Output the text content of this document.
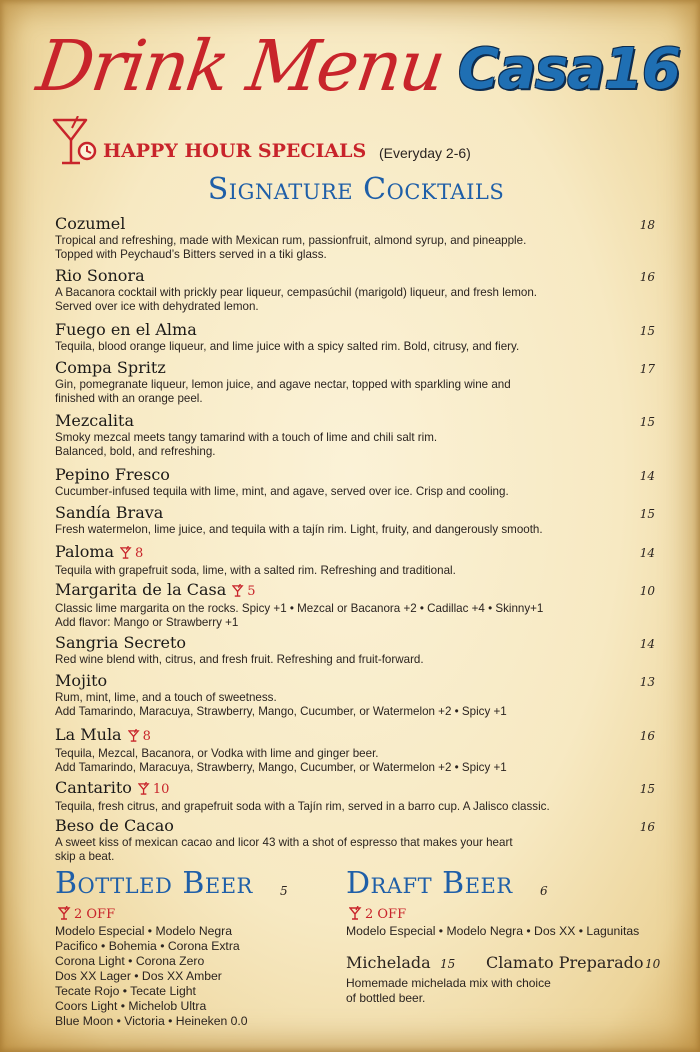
Drink Menu Casa16
HAPPY HOUR SPECIALS (Everyday 2-6)
Signature Cocktails
Cozumel	18
Tropical and refreshing, made with Mexican rum, passionfruit, almond syrup, and pineapple.
Topped with Peychaud’s Bitters served in a tiki glass.
Rio Sonora	16
A Bacanora cocktail with prickly pear liqueur, cempasúchil (marigold) liqueur, and fresh lemon.
Served over ice with dehydrated lemon.
Fuego en el Alma	15
Tequila, blood orange liqueur, and lime juice with a spicy salted rim. Bold, citrusy, and fiery.
Compa Spritz	17
Gin, pomegranate liqueur, lemon juice, and agave nectar, topped with sparkling wine and
finished with an orange peel.
Mezcalita	15
Smoky mezcal meets tangy tamarind with a touch of lime and chili salt rim.
Balanced, bold, and refreshing.
Pepino Fresco	14
Cucumber-infused tequila with lime, mint, and agave, served over ice. Crisp and cooling.
Sandía Brava	15
Fresh watermelon, lime juice, and tequila with a tajín rim. Light, fruity, and dangerously smooth.
Paloma 8	14
Tequila with grapefruit soda, lime, with a salted rim. Refreshing and traditional.
Margarita de la Casa 5	10
Classic lime margarita on the rocks. Spicy +1 • Mezcal or Bacanora +2 • Cadillac +4 • Skinny+1
Add flavor: Mango or Strawberry +1
Sangria Secreto	14
Red wine blend with, citrus, and fresh fruit. Refreshing and fruit-forward.
Mojito	13
Rum, mint, lime, and a touch of sweetness.
Add Tamarindo, Maracuya, Strawberry, Mango, Cucumber, or Watermelon +2 • Spicy +1
La Mula 8	16
Tequila, Mezcal, Bacanora, or Vodka with lime and ginger beer.
Add Tamarindo, Maracuya, Strawberry, Mango, Cucumber, or Watermelon +2 • Spicy +1
Cantarito 10	15
Tequila, fresh citrus, and grapefruit soda with a Tajín rim, served in a barro cup. A Jalisco classic.
Beso de Cacao	16
A sweet kiss of mexican cacao and licor 43 with a shot of espresso that makes your heart
skip a beat.
Bottled Beer 5
2 OFF
Modelo Especial • Modelo Negra
Pacifico • Bohemia • Corona Extra
Corona Light • Corona Zero
Dos XX Lager • Dos XX Amber
Tecate Rojo • Tecate Light
Coors Light • Michelob Ultra
Blue Moon • Victoria • Heineken 0.0
Draft Beer 6
2 OFF
Modelo Especial • Modelo Negra • Dos XX • Lagunitas
Michelada 15 Clamato Preparado 10
Homemade michelada mix with choice of bottled beer.
